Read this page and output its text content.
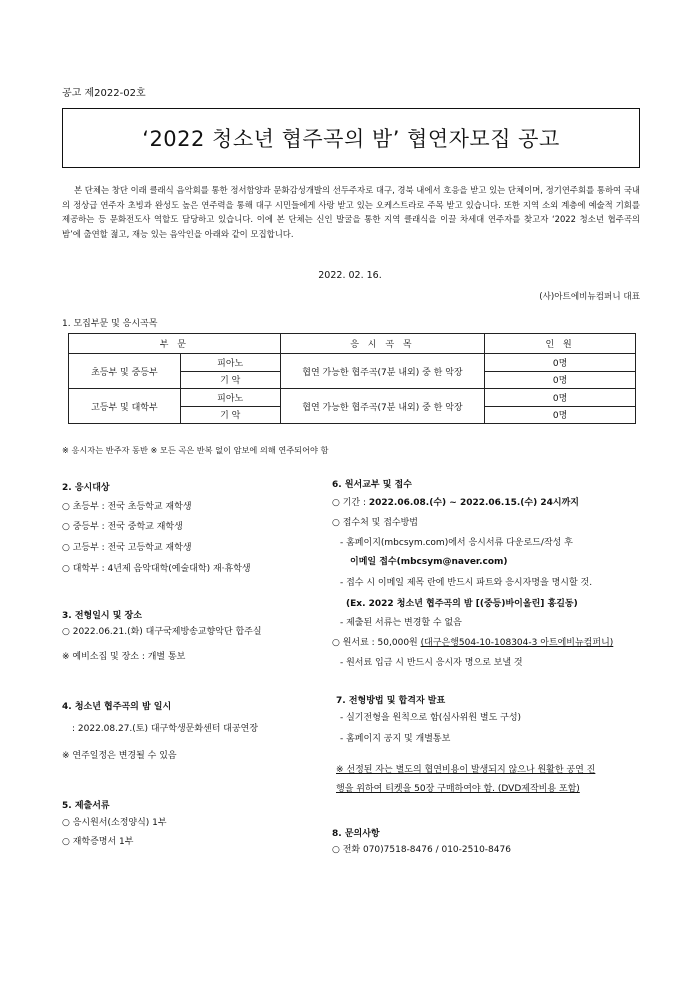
공고 제2022-02호
‘2022 청소년 협주곡의 밤’ 협연자모집 공고
본 단체는 창단 이래 클래식 음악회를 통한 정서함양과 문화감성개발의 선두주자로 대구, 경북 내에서 호응을 받고 있는 단체이며, 정기연주회를 통하여 국내의 정상급 연주자 초빙과 완성도 높은 연주력을 통해 대구 시민들에게 사랑 받고 있는 오케스트라로 주목 받고 있습니다. 또한 지역 소외 계층에 예술적 기회를 제공하는 등 문화전도사 역할도 담당하고 있습니다. 이에 본 단체는 신인 발굴을 통한 지역 클래식을 이끌 차세대 연주자를 찾고자 ‘2022 청소년 협주곡의 밤’에 출연할 젊고, 재능 있는 음악인을 아래와 같이 모집합니다.
2022. 02. 16.
(사)아트에비뉴컴퍼니 대표
1. 모집부문 및 응시곡목
부 문		응 시 곡 목	인 원
초등부 및 중등부	피아노	협연 가능한 협주곡(7분 내외) 중 한 악장	0명
	기 악		0명
고등부 및 대학부	피아노	협연 가능한 협주곡(7분 내외) 중 한 악장	0명
	기 악		0명
※ 응시자는 반주자 동반 ※ 모든 곡은 반복 없이 암보에 의해 연주되어야 함
2. 응시대상
○ 초등부 : 전국 초등학교 재학생
○ 중등부 : 전국 중학교 재학생
○ 고등부 : 전국 고등학교 재학생
○ 대학부 : 4년제 음악대학(예술대학) 재·휴학생
3. 전형일시 및 장소
○ 2022.06.21.(화) 대구국제방송교향악단 합주실
※ 예비소집 및 장소 : 개별 통보
4. 청소년 협주곡의 밤 일시
: 2022.08.27.(토) 대구학생문화센터 대공연장
※ 연주일정은 변경될 수 있음
5. 제출서류
○ 응시원서(소정양식) 1부
○ 재학증명서 1부
6. 원서교부 및 접수
○ 기간 : 2022.06.08.(수) ~ 2022.06.15.(수) 24시까지
○ 접수처 및 접수방법
- 홈페이지(mbcsym.com)에서 응시서류 다운로드/작성 후
이메일 접수(mbcsym@naver.com)
- 접수 시 이메일 제목 란에 반드시 파트와 응시자명을 명시할 것.
(Ex. 2022 청소년 협주곡의 밤 [(중등)바이올린] 홍길동)
- 제출된 서류는 변경할 수 없음
○ 원서료 : 50,000원 (대구은행504-10-108304-3 아트에비뉴컴퍼니)
- 원서료 입금 시 반드시 응시자 명으로 보낼 것
7. 전형방법 및 합격자 발표
- 실기전형을 원칙으로 함(심사위원 별도 구성)
- 홈페이지 공지 및 개별통보
※ 선정된 자는 별도의 협연비용이 발생되지 않으나 원활한 공연 진
행을 위하여 티켓을 50장 구매하여야 함. (DVD제작비용 포함)
8. 문의사항
○ 전화 070)7518-8476 / 010-2510-8476
